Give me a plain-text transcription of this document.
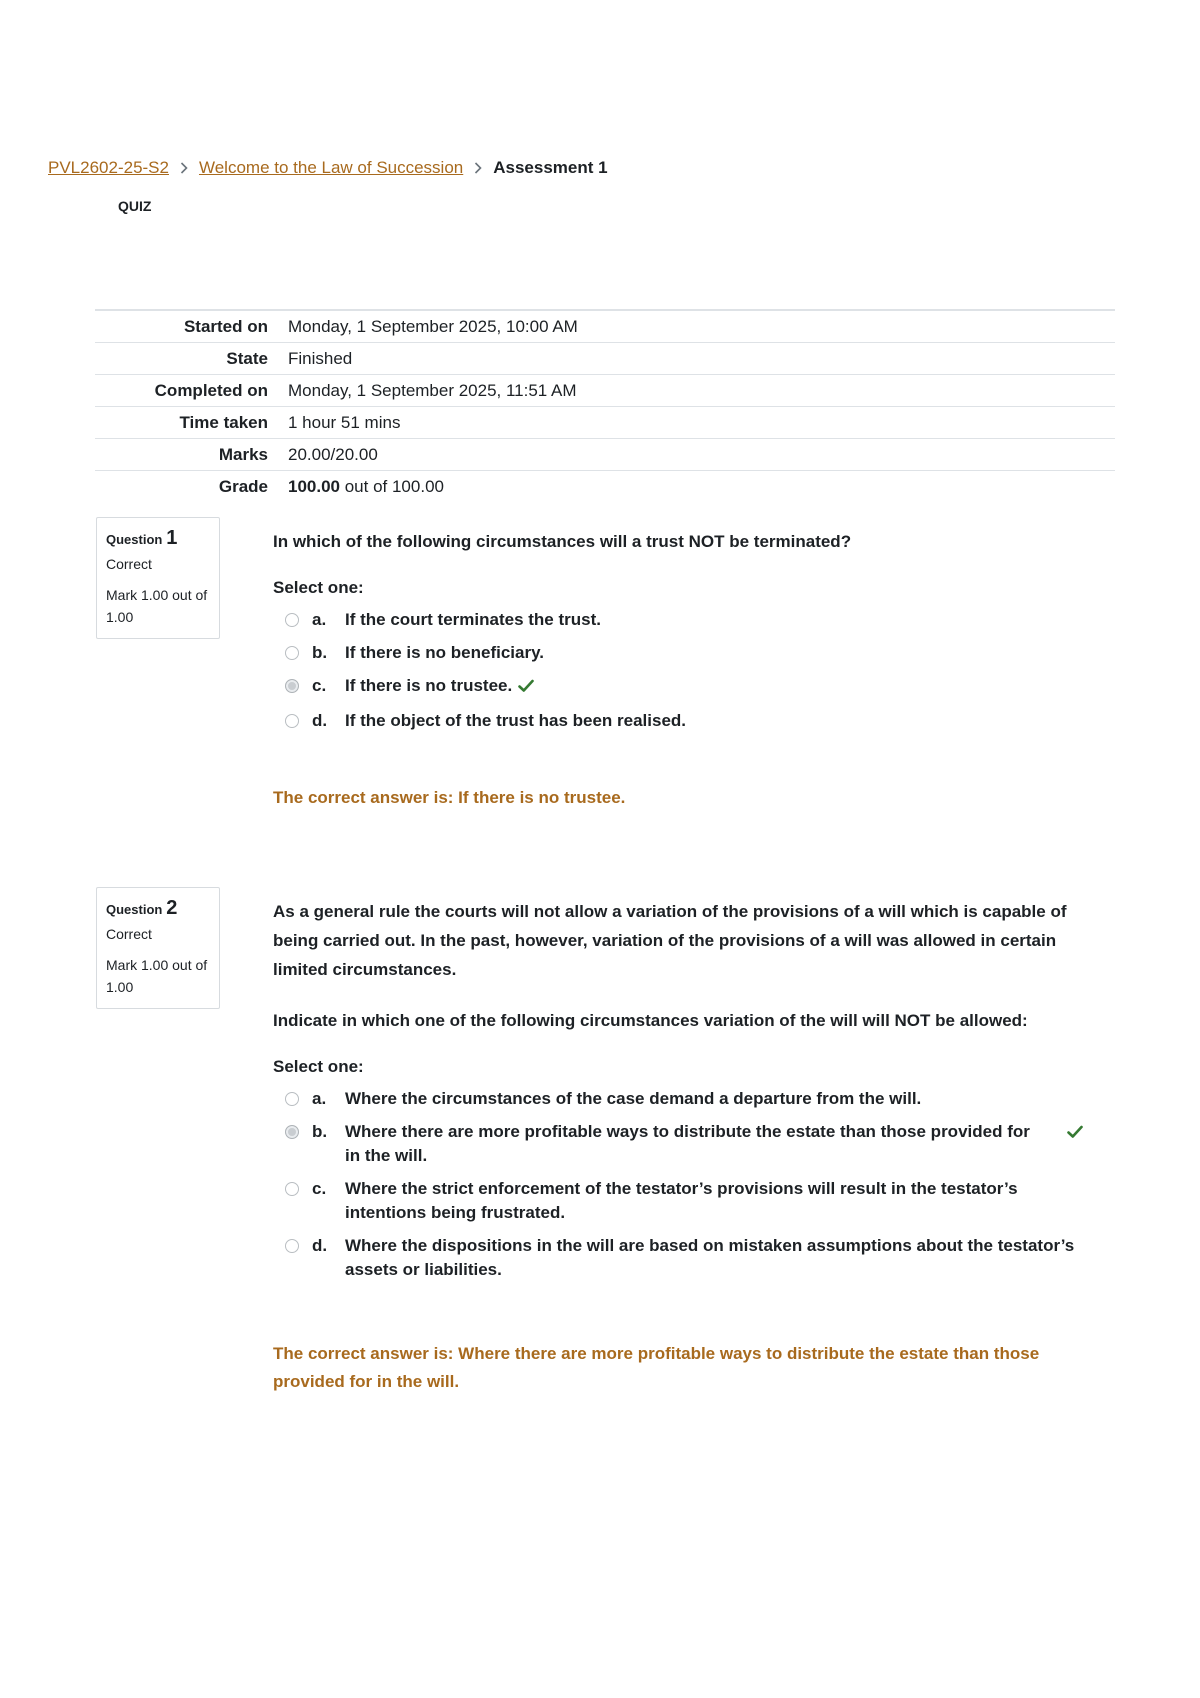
PVL2602-25-S2 Welcome to the Law of Succession Assessment 1
QUIZ
Started on	Monday, 1 September 2025, 10:00 AM
State	Finished
Completed on	Monday, 1 September 2025, 11:51 AM
Time taken	1 hour 51 mins
Marks	20.00/20.00
Grade	100.00 out of 100.00
Question 1
Correct
Mark 1.00 out of 1.00

In which of the following circumstances will a trust NOT be terminated?

Select one:
a.	If the court terminates the trust.
b.	If there is no beneficiary.
c.	If there is no trustee.
d.	If the object of the trust has been realised.
The correct answer is: If there is no trustee.
Question 2
Correct
Mark 1.00 out of 1.00

As a general rule the courts will not allow a variation of the provisions of a will which is capable of being carried out. In the past, however, variation of the provisions of a will was allowed in certain limited circumstances.

Indicate in which one of the following circumstances variation of the will will NOT be allowed:

Select one:
a.	Where the circumstances of the case demand a departure from the will.
b.	Where there are more profitable ways to distribute the estate than those provided for in the will.
c.	Where the strict enforcement of the testator’s provisions will result in the testator’s intentions being frustrated.
d.	Where the dispositions in the will are based on mistaken assumptions about the testator’s assets or liabilities.
The correct answer is: Where there are more profitable ways to distribute the estate than those provided for in the will.
